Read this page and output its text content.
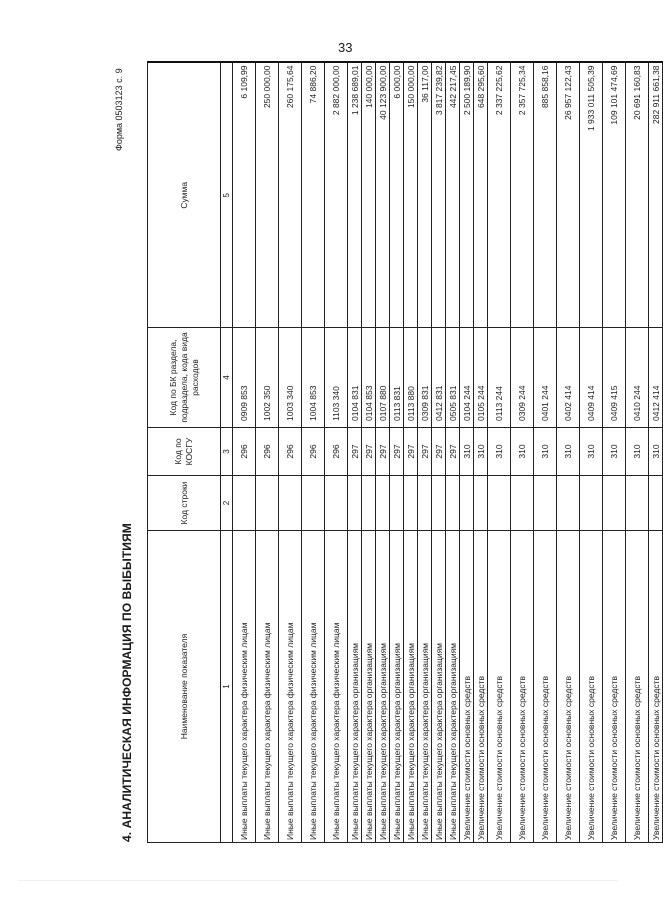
33
Форма 0503123 с. 9
4. АНАЛИТИЧЕСКАЯ ИНФОРМАЦИЯ ПО ВЫБЫТИЯМ	Наименование показателя	Код строки	Код по КОСГУ	Код по БК раздела, подраздела, кода вида расходов	Сумма
1	2	3	4	5
Иные выплаты текущего характера физическим лицам		296	0909 853	6 109,99
Иные выплаты текущего характера физическим лицам		296	1002 350	250 000,00
Иные выплаты текущего характера физическим лицам		296	1003 340	260 175,64
Иные выплаты текущего характера физическим лицам		296	1004 853	74 886,20
Иные выплаты текущего характера физическим лицам		296	1103 340	2 882 000,00
Иные выплаты текущего характера организациям		297	0104 831	1 238 689,01
Иные выплаты текущего характера организациям		297	0104 853	140 000,00
Иные выплаты текущего характера организациям		297	0107 880	40 123 900,00
Иные выплаты текущего характера организациям		297	0113 831	6 000,00
Иные выплаты текущего характера организациям		297	0113 880	150 000,00
Иные выплаты текущего характера организациям		297	0309 831	36 117,00
Иные выплаты текущего характера организациям		297	0412 831	3 817 239,82
Иные выплаты текущего характера организациям		297	0505 831	442 217,45
Увеличение стоимости основных средств		310	0104 244	2 500 189,90
Увеличение стоимости основных средств		310	0105 244	648 295,60
Увеличение стоимости основных средств		310	0113 244	2 337 225,62
Увеличение стоимости основных средств		310	0309 244	2 357 725,34
Увеличение стоимости основных средств		310	0401 244	885 858,16
Увеличение стоимости основных средств		310	0402 414	26 957 122,43
Увеличение стоимости основных средств		310	0409 414	1 933 011 505,39
Увеличение стоимости основных средств		310	0409 415	109 101 474,69
Увеличение стоимости основных средств		310	0410 244	20 691 160,83
Увеличение стоимости основных средств		310	0412 414	282 911 661,38
